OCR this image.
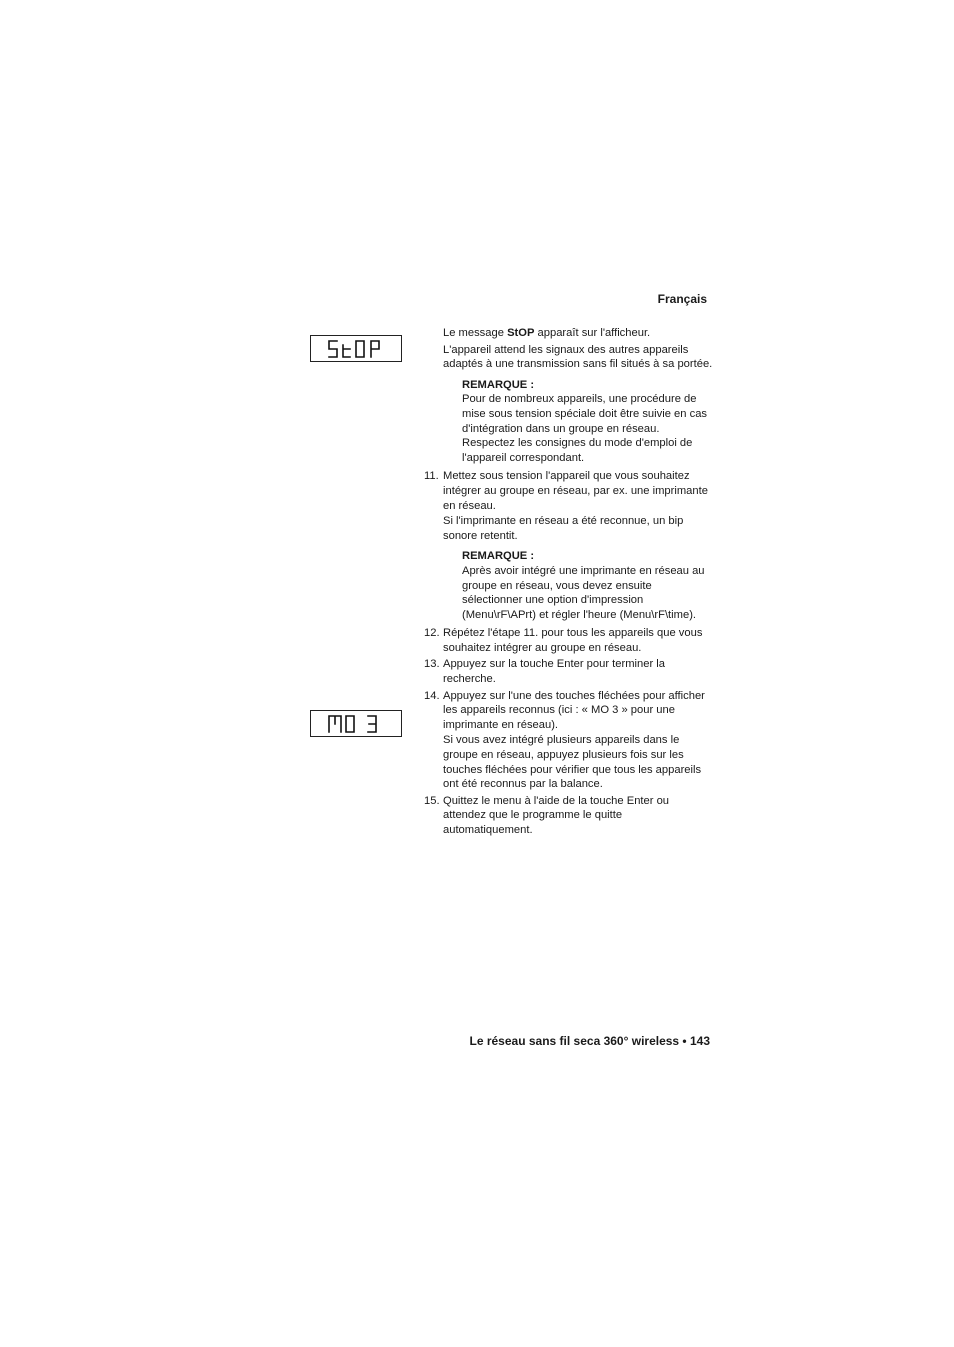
Français

Le message StOP apparaît sur l'afficheur.

L'appareil attend les signaux des autres appareils adaptés à une transmission sans fil situés à sa portée.

REMARQUE :

Pour de nombreux appareils, une procédure de mise sous tension spéciale doit être suivie en cas d'intégration dans un groupe en réseau. Respectez les consignes du mode d'emploi de l'appareil correspondant.

11. Mettez sous tension l'appareil que vous souhaitez intégrer au groupe en réseau, par ex. une imprimante en réseau.

Si l'imprimante en réseau a été reconnue, un bip sonore retentit.

REMARQUE :

Après avoir intégré une imprimante en réseau au groupe en réseau, vous devez ensuite sélectionner une option d'impression (Menu\rF\APrt) et régler l'heure (Menu\rF\time).

12. Répétez l'étape 11. pour tous les appareils que vous souhaitez intégrer au groupe en réseau.

13. Appuyez sur la touche Enter pour terminer la recherche.

14. Appuyez sur l'une des touches fléchées pour afficher les appareils reconnus (ici : « MO 3 » pour une imprimante en réseau).

Si vous avez intégré plusieurs appareils dans le groupe en réseau, appuyez plusieurs fois sur les touches fléchées pour vérifier que tous les appareils ont été reconnus par la balance.

15. Quittez le menu à l'aide de la touche Enter ou attendez que le programme le quitte automatiquement.

Le réseau sans fil seca 360° wireless • 143
